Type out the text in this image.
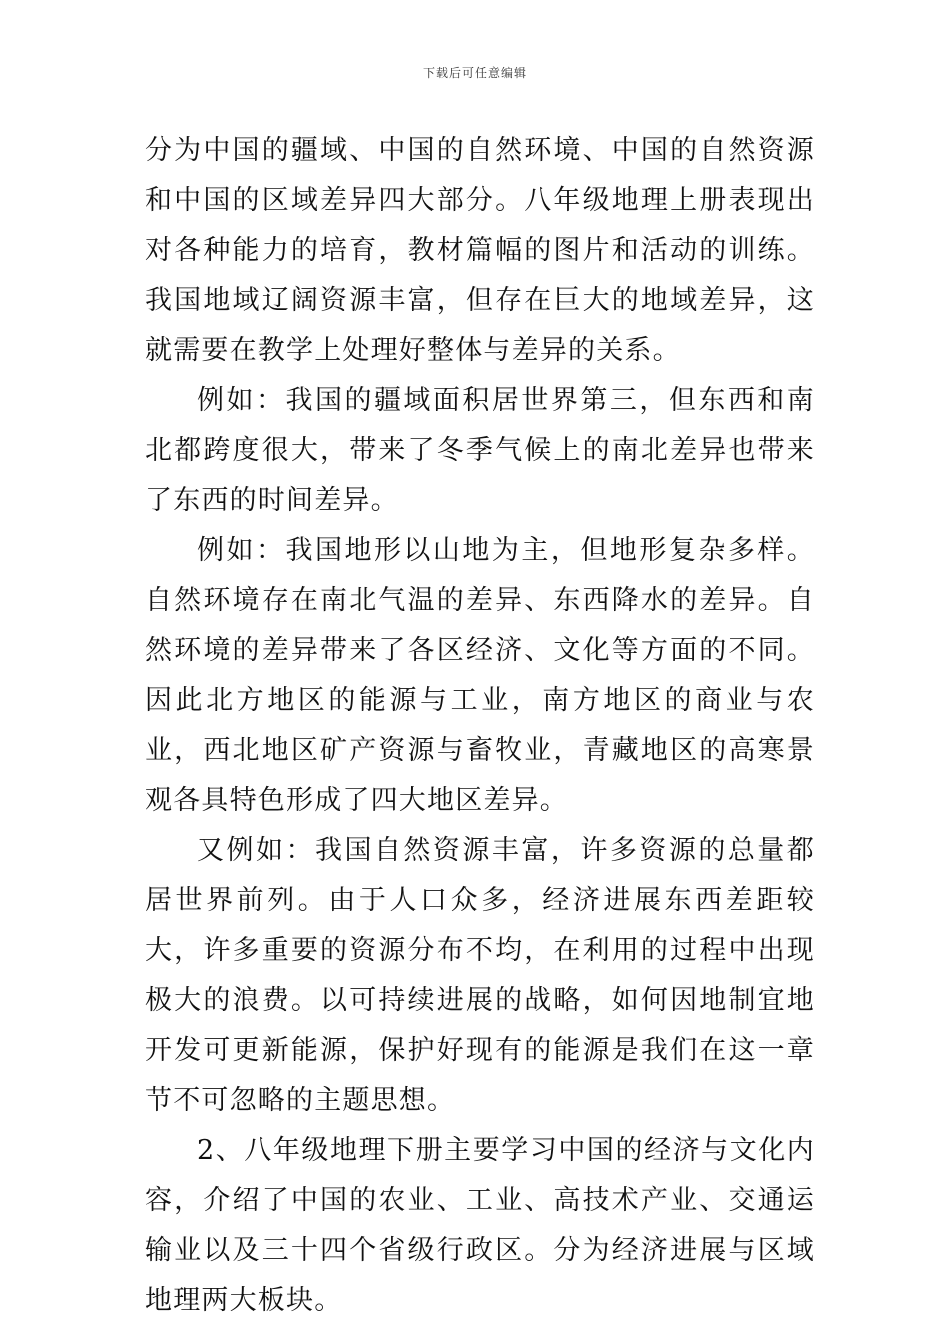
下载后可任意编辑

分为中国的疆域、中国的自然环境、中国的自然资源和中国的区域差异四大部分。八年级地理上册表现出对各种能力的培育，教材篇幅的图片和活动的训练。我国地域辽阔资源丰富，但存在巨大的地域差异，这就需要在教学上处理好整体与差异的关系。

例如：我国的疆域面积居世界第三，但东西和南北都跨度很大，带来了冬季气候上的南北差异也带来了东西的时间差异。

例如：我国地形以山地为主，但地形复杂多样。自然环境存在南北气温的差异、东西降水的差异。自然环境的差异带来了各区经济、文化等方面的不同。因此北方地区的能源与工业，南方地区的商业与农业，西北地区矿产资源与畜牧业，青藏地区的高寒景观各具特色形成了四大地区差异。

又例如：我国自然资源丰富，许多资源的总量都居世界前列。由于人口众多，经济进展东西差距较大，许多重要的资源分布不均，在利用的过程中出现极大的浪费。以可持续进展的战略，如何因地制宜地开发可更新能源，保护好现有的能源是我们在这一章节不可忽略的主题思想。

2、八年级地理下册主要学习中国的经济与文化内容，介绍了中国的农业、工业、高技术产业、交通运输业以及三十四个省级行政区。分为经济进展与区域地理两大板块。
